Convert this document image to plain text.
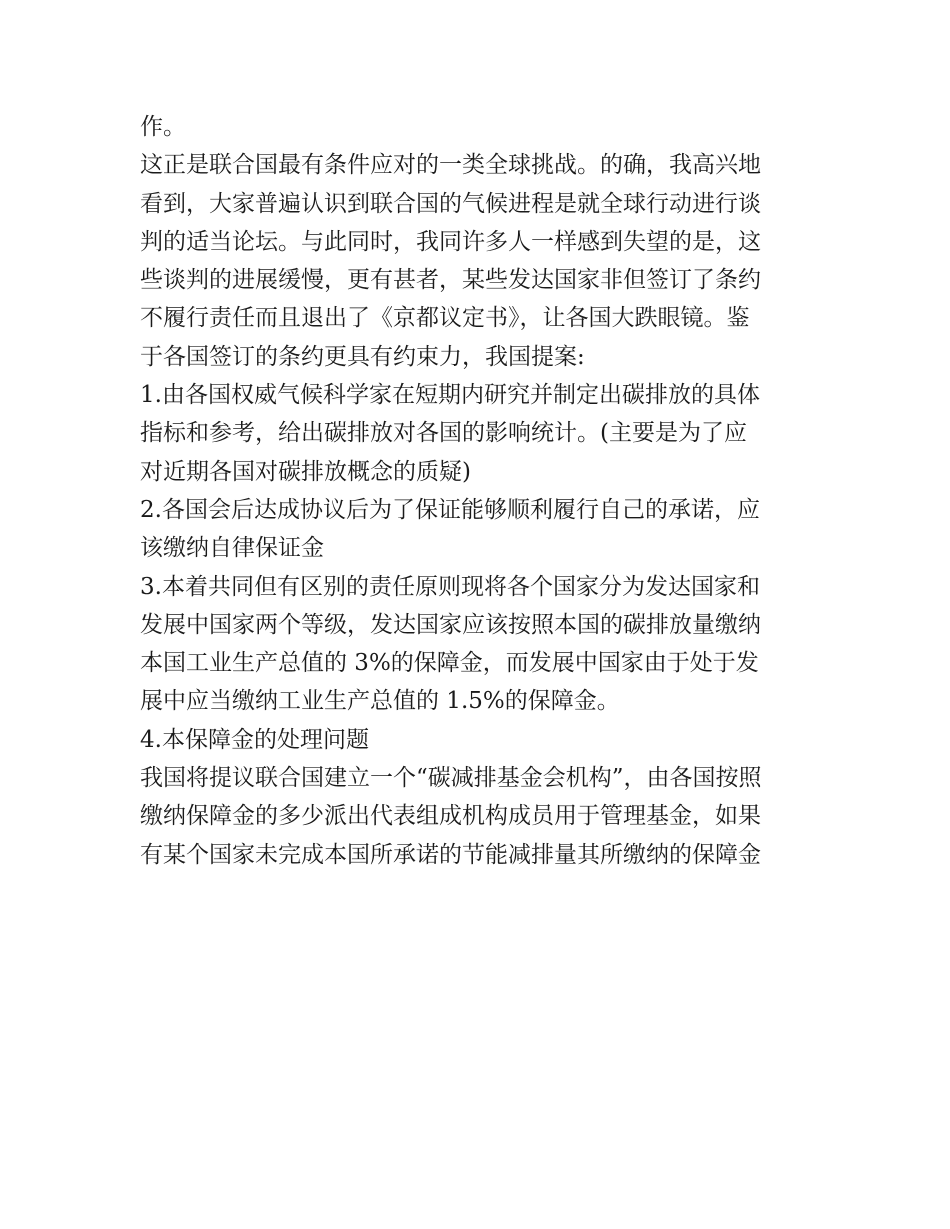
作。
这正是联合国最有条件应对的一类全球挑战。的确，我高兴地
看到，大家普遍认识到联合国的气候进程是就全球行动进行谈
判的适当论坛。与此同时，我同许多人一样感到失望的是，这
些谈判的进展缓慢，更有甚者，某些发达国家非但签订了条约
不履行责任而且退出了《京都议定书》，让各国大跌眼镜。鉴
于各国签订的条约更具有约束力，我国提案:
1.由各国权威气候科学家在短期内研究并制定出碳排放的具体
指标和参考，给出碳排放对各国的影响统计。(主要是为了应
对近期各国对碳排放概念的质疑)
2.各国会后达成协议后为了保证能够顺利履行自己的承诺，应
该缴纳自律保证金
3.本着共同但有区别的责任原则现将各个国家分为发达国家和
发展中国家两个等级，发达国家应该按照本国的碳排放量缴纳
本国工业生产总值的 3%的保障金，而发展中国家由于处于发
展中应当缴纳工业生产总值的 1.5%的保障金。
4.本保障金的处理问题
我国将提议联合国建立一个“碳减排基金会机构”，由各国按照
缴纳保障金的多少派出代表组成机构成员用于管理基金，如果
有某个国家未完成本国所承诺的节能减排量其所缴纳的保障金
